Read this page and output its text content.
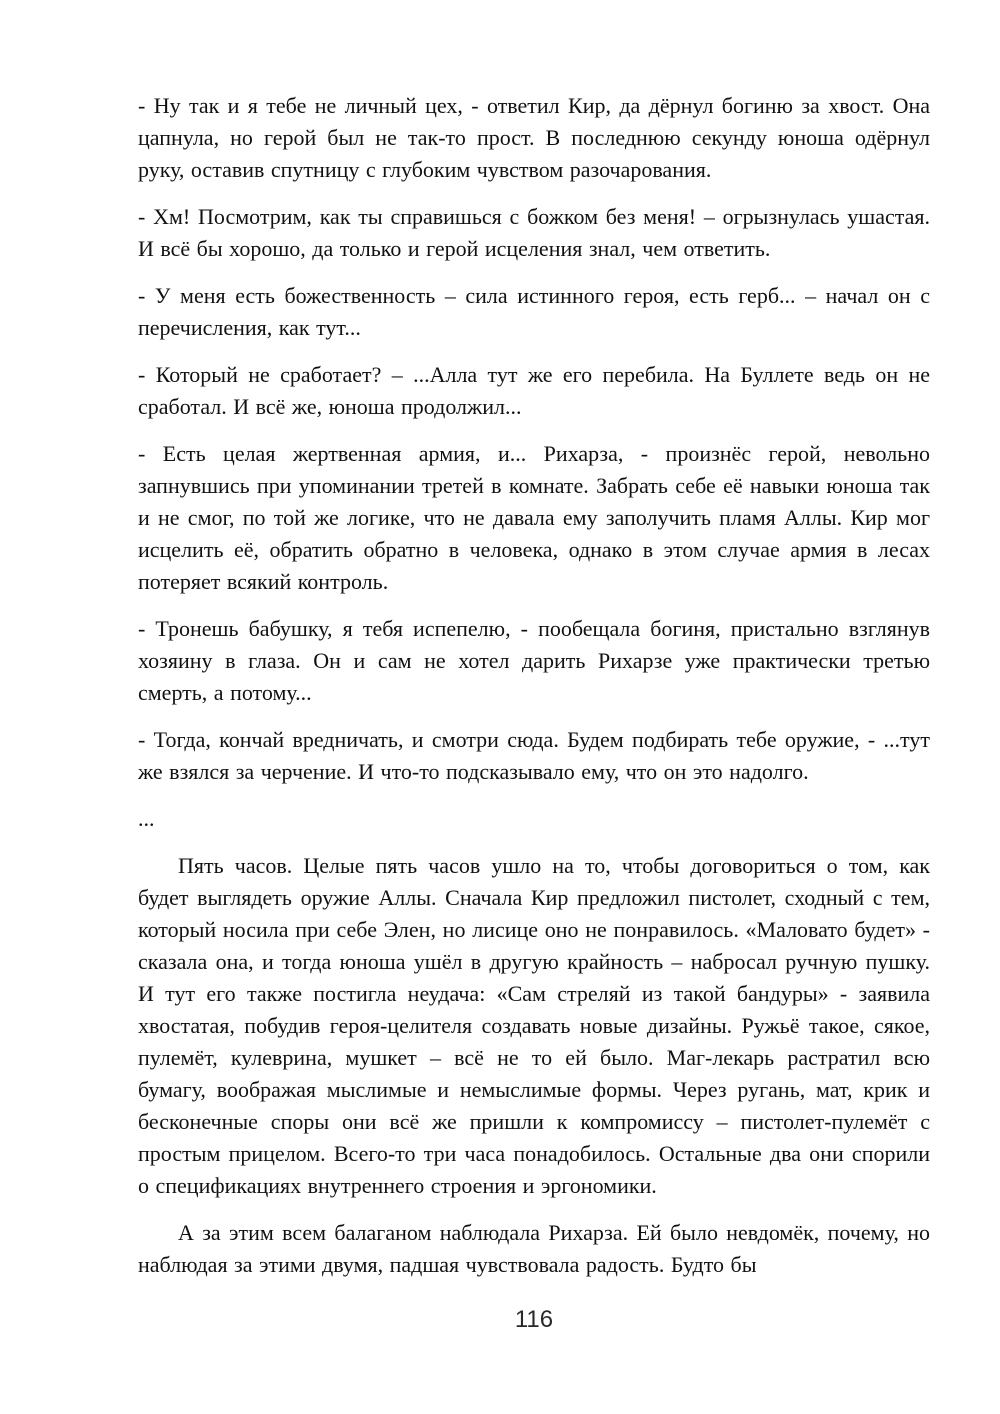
- Ну так и я тебе не личный цех, - ответил Кир, да дёрнул богиню за хвост. Она цапнула, но герой был не так-то прост. В последнюю секунду юноша одёрнул руку, оставив спутницу с глубоким чувством разочарования.

- Хм! Посмотрим, как ты справишься с божком без меня! – огрызнулась ушастая. И всё бы хорошо, да только и герой исцеления знал, чем ответить.

- У меня есть божественность – сила истинного героя, есть герб... – начал он с перечисления, как тут...

- Который не сработает? – ...Алла тут же его перебила. На Буллете ведь он не сработал. И всё же, юноша продолжил...

- Есть целая жертвенная армия, и... Рихарза, - произнёс герой, невольно запнувшись при упоминании третей в комнате. Забрать себе её навыки юноша так и не смог, по той же логике, что не давала ему заполучить пламя Аллы. Кир мог исцелить её, обратить обратно в человека, однако в этом случае армия в лесах потеряет всякий контроль.

- Тронешь бабушку, я тебя испепелю, - пообещала богиня, пристально взглянув хозяину в глаза. Он и сам не хотел дарить Рихарзе уже практически третью смерть, а потому...

- Тогда, кончай вредничать, и смотри сюда. Будем подбирать тебе оружие, - ...тут же взялся за черчение. И что-то подсказывало ему, что он это надолго.

...

Пять часов. Целые пять часов ушло на то, чтобы договориться о том, как будет выглядеть оружие Аллы. Сначала Кир предложил пистолет, сходный с тем, который носила при себе Элен, но лисице оно не понравилось. «Маловато будет» - сказала она, и тогда юноша ушёл в другую крайность – набросал ручную пушку. И тут его также постигла неудача: «Сам стреляй из такой бандуры» - заявила хвостатая, побудив героя-целителя создавать новые дизайны. Ружьё такое, сякое, пулемёт, кулеврина, мушкет – всё не то ей было. Маг-лекарь растратил всю бумагу, воображая мыслимые и немыслимые формы. Через ругань, мат, крик и бесконечные споры они всё же пришли к компромиссу – пистолет-пулемёт с простым прицелом. Всего-то три часа понадобилось. Остальные два они спорили о спецификациях внутреннего строения и эргономики.

А за этим всем балаганом наблюдала Рихарза. Ей было невдомёк, почему, но наблюдая за этими двумя, падшая чувствовала радость. Будто бы

116
